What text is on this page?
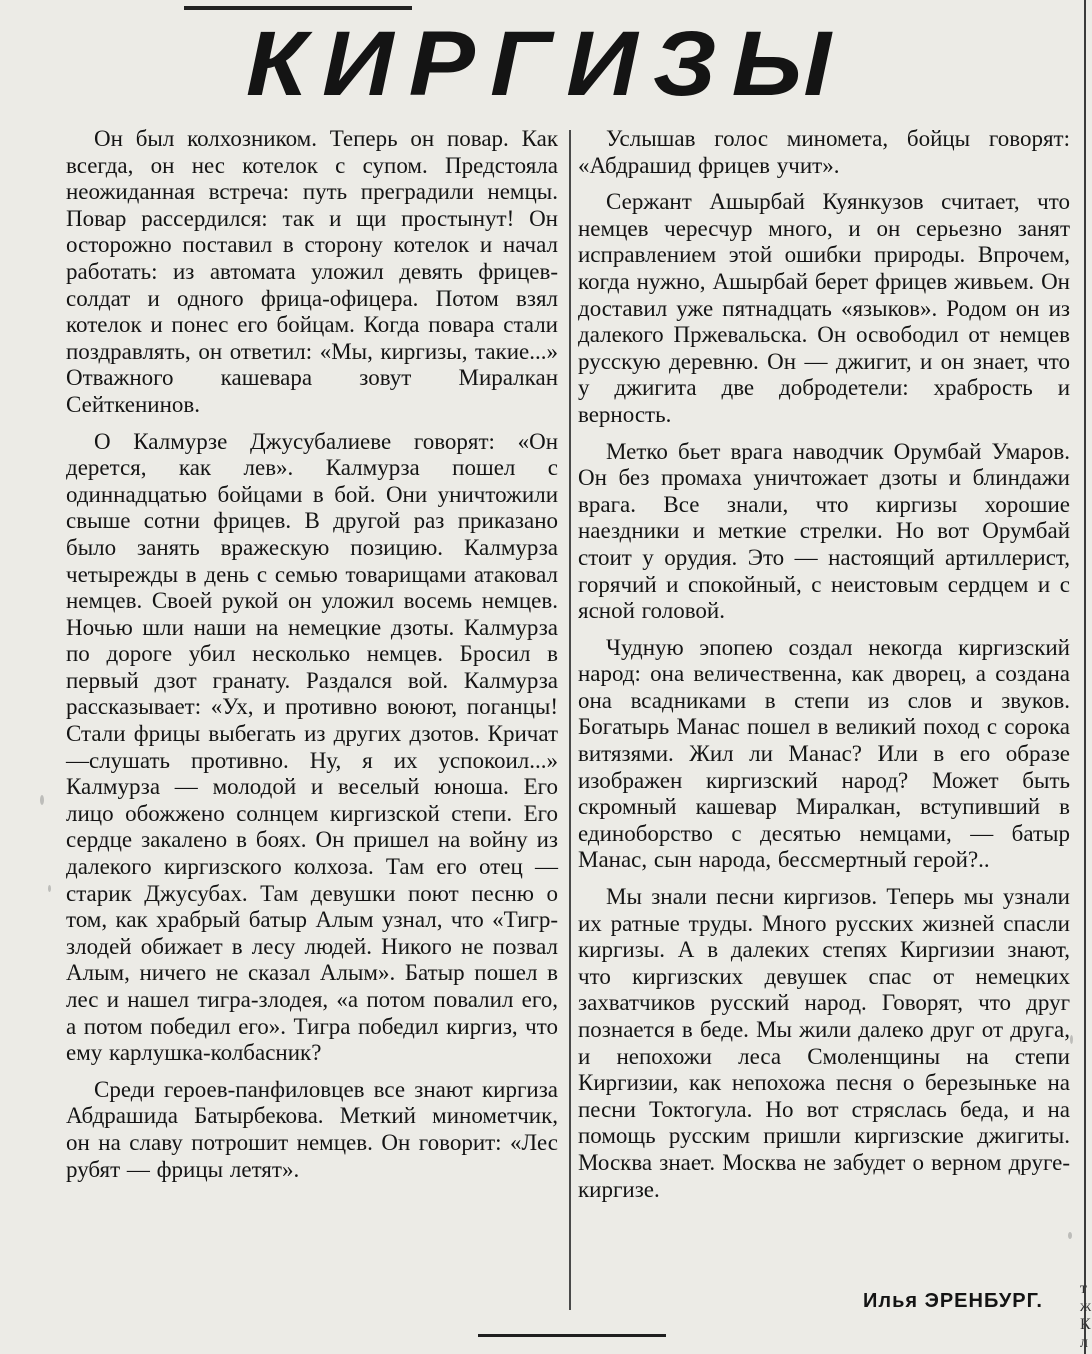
КИРГИЗЫ

Он был колхозником. Теперь он повар. Как всегда, он нес котелок с супом. Предстояла неожиданная встреча: путь преградили немцы. Повар рассердился: так и щи простынут! Он осторожно поставил в сторону котелок и начал работать: из автомата уложил девять фрицев-солдат и одного фрица-офицера. Потом взял котелок и понес его бойцам. Когда повара стали поздравлять, он ответил: «Мы, киргизы, такие...» Отважного кашевара зовут Миралкан Сейткенинов.

О Калмурзе Джусубалиеве говорят: «Он дерется, как лев». Калмурза пошел с одиннадцатью бойцами в бой. Они уничтожили свыше сотни фрицев. В другой раз приказано было занять вражескую позицию. Калмурза четырежды в день с семью товарищами атаковал немцев. Своей рукой он уложил восемь немцев. Ночью шли наши на немецкие дзоты. Калмурза по дороге убил несколько немцев. Бросил в первый дзот гранату. Раздался вой. Калмурза рассказывает: «Ух, и противно воюют, поганцы! Стали фрицы выбегать из других дзотов. Кричат—слушать противно. Ну, я их успокоил...» Калмурза — молодой и веселый юноша. Его лицо обожжено солнцем киргизской степи. Его сердце закалено в боях. Он пришел на войну из далекого киргизского колхоза. Там его отец — старик Джусубах. Там девушки поют песню о том, как храбрый батыр Алым узнал, что «Тигр-злодей обижает в лесу людей. Никого не позвал Алым, ничего не сказал Алым». Батыр пошел в лес и нашел тигра-злодея, «а потом повалил его, а потом победил его». Тигра победил киргиз, что ему карлушка-колбасник?

Среди героев-панфиловцев все знают киргиза Абдрашида Батырбекова. Меткий минометчик, он на славу потрошит немцев. Он говорит: «Лес рубят — фрицы летят».

Услышав голос миномета, бойцы говорят: «Абдрашид фрицев учит».

Сержант Ашырбай Куянкузов считает, что немцев чересчур много, и он серьезно занят исправлением этой ошибки природы. Впрочем, когда нужно, Ашырбай берет фрицев живьем. Он доставил уже пятнадцать «языков». Родом он из далекого Пржевальска. Он освободил от немцев русскую деревню. Он — джигит, и он знает, что у джигита две добродетели: храбрость и верность.

Метко бьет врага наводчик Орумбай Умаров. Он без промаха уничтожает дзоты и блиндажи врага. Все знали, что киргизы хорошие наездники и меткие стрелки. Но вот Орумбай стоит у орудия. Это — настоящий артиллерист, горячий и спокойный, с неистовым сердцем и с ясной головой.

Чудную эпопею создал некогда киргизский народ: она величественна, как дворец, а создана она всадниками в степи из слов и звуков. Богатырь Манас пошел в великий поход с сорока витязями. Жил ли Манас? Или в его образе изображен киргизский народ? Может быть скромный кашевар Миралкан, вступивший в единоборство с десятью немцами, — батыр Манас, сын народа, бессмертный герой?..

Мы знали песни киргизов. Теперь мы узнали их ратные труды. Много русских жизней спасли киргизы. А в далеких степях Киргизии знают, что киргизских девушек спас от немецких захватчиков русский народ. Говорят, что друг познается в беде. Мы жили далеко друг от друга, и непохожи леса Смоленщины на степи Киргизии, как непохожа песня о березыньке на песни Токтогула. Но вот стряслась беда, и на помощь русским пришли киргизские джигиты. Москва знает. Москва не забудет о верном друге-киргизе.

Илья ЭРЕНБУРГ.
т
ж
К
л
